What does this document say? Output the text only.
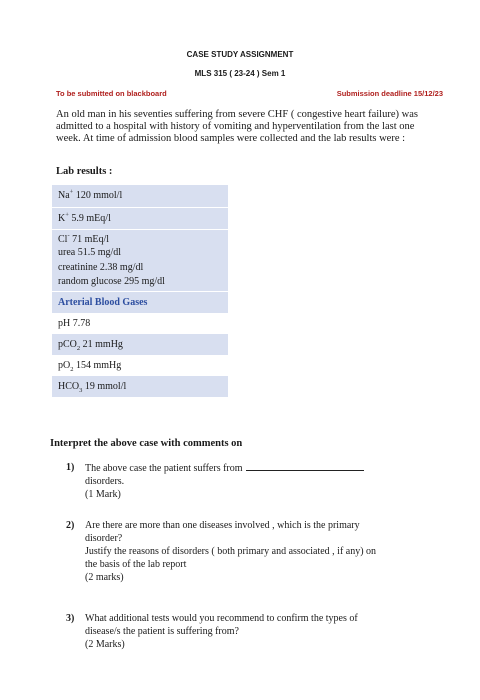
CASE STUDY ASSIGNMENT
MLS 315 ( 23-24 ) Sem 1
To be submitted on blackboard	Submission deadline 15/12/23
An old man in his seventies suffering from severe CHF ( congestive heart failure) was admitted to a hospital with history of vomiting and hyperventilation from the last one week. At time of admission blood samples were collected and the lab results were :
Lab results :
Na+ 120 mmol/l
K+ 5.9 mEq/l
Cl- 71 mEq/l
urea 51.5 mg/dl
creatinine 2.38 mg/dl
random glucose 295 mg/dl
Arterial Blood Gases
pH 7.78
pCO$_2$ 21 mmHg
$pO_2$ 154 mmHg
$HCO_3$ 19 mmol/l
Interpret the above case with comments on
1) The above case the patient suffers from
disorders.
(1 Mark)
2) Are there are more than one diseases involved , which is the primary
disorder?
Justify the reasons of disorders ( both primary and associated , if any) on
the basis of the lab report
(2 marks)
3) What additional tests would you recommend to confirm the types of
disease/s the patient is suffering from?
(2 Marks)
